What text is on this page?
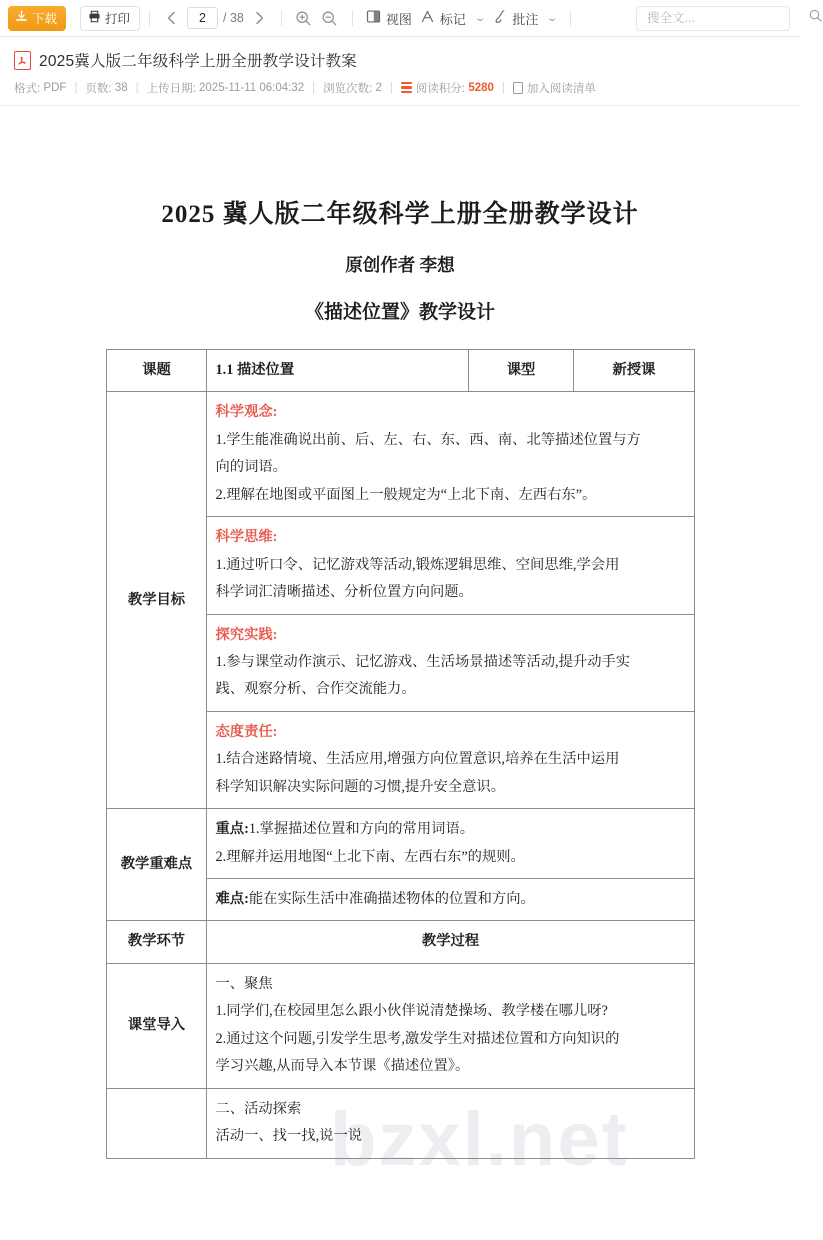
下载	打印
2	/ 38	视图 标记 ⌄ 批注 ⌄
搜全文...
2025冀人版二年级科学上册全册教学设计教案
格式:
PDF | 页数:
38 | 上传日期:
2025-11-11 06:04:32 | 浏览次数:
2 | 阅读积分:
5280 | 加入阅读清单
bzxl.net
2025 冀人版二年级科学上册全册教学设计
原创作者 李想
《描述位置》教学设计
课题	1.1 描述位置	课型	新授课
教学目标	科学观念:
1.学生能准确说出前、后、左、右、东、西、南、北等描述位置与方
向的词语。
2.理解在地图或平面图上一般规定为“上北下南、左西右东”。		

	科学思维:
1.通过听口令、记忆游戏等活动,锻炼逻辑思维、空间思维,学会用
科学词汇清晰描述、分析位置方向问题。		

	探究实践:
1.参与课堂动作演示、记忆游戏、生活场景描述等活动,提升动手实
践、观察分析、合作交流能力。		

	态度责任:
1.结合迷路情境、生活应用,增强方向位置意识,培养在生活中运用
科学知识解决实际问题的习惯,提升安全意识。		

教学重难点	重点:1.掌握描述位置和方向的常用词语。
2.理解并运用地图“上北下南、左西右东”的规则。		

	难点:能在实际生活中准确描述物体的位置和方向。		

教学环节	教学过程		
课堂导入	一、聚焦
1.同学们,在校园里怎么跟小伙伴说清楚操场、教学楼在哪儿呀?
2.通过这个问题,引发学生思考,激发学生对描述位置和方向知识的
学习兴趣,从而导入本节课《描述位置》。		

	二、活动探索
活动一、找一找,说一说		
